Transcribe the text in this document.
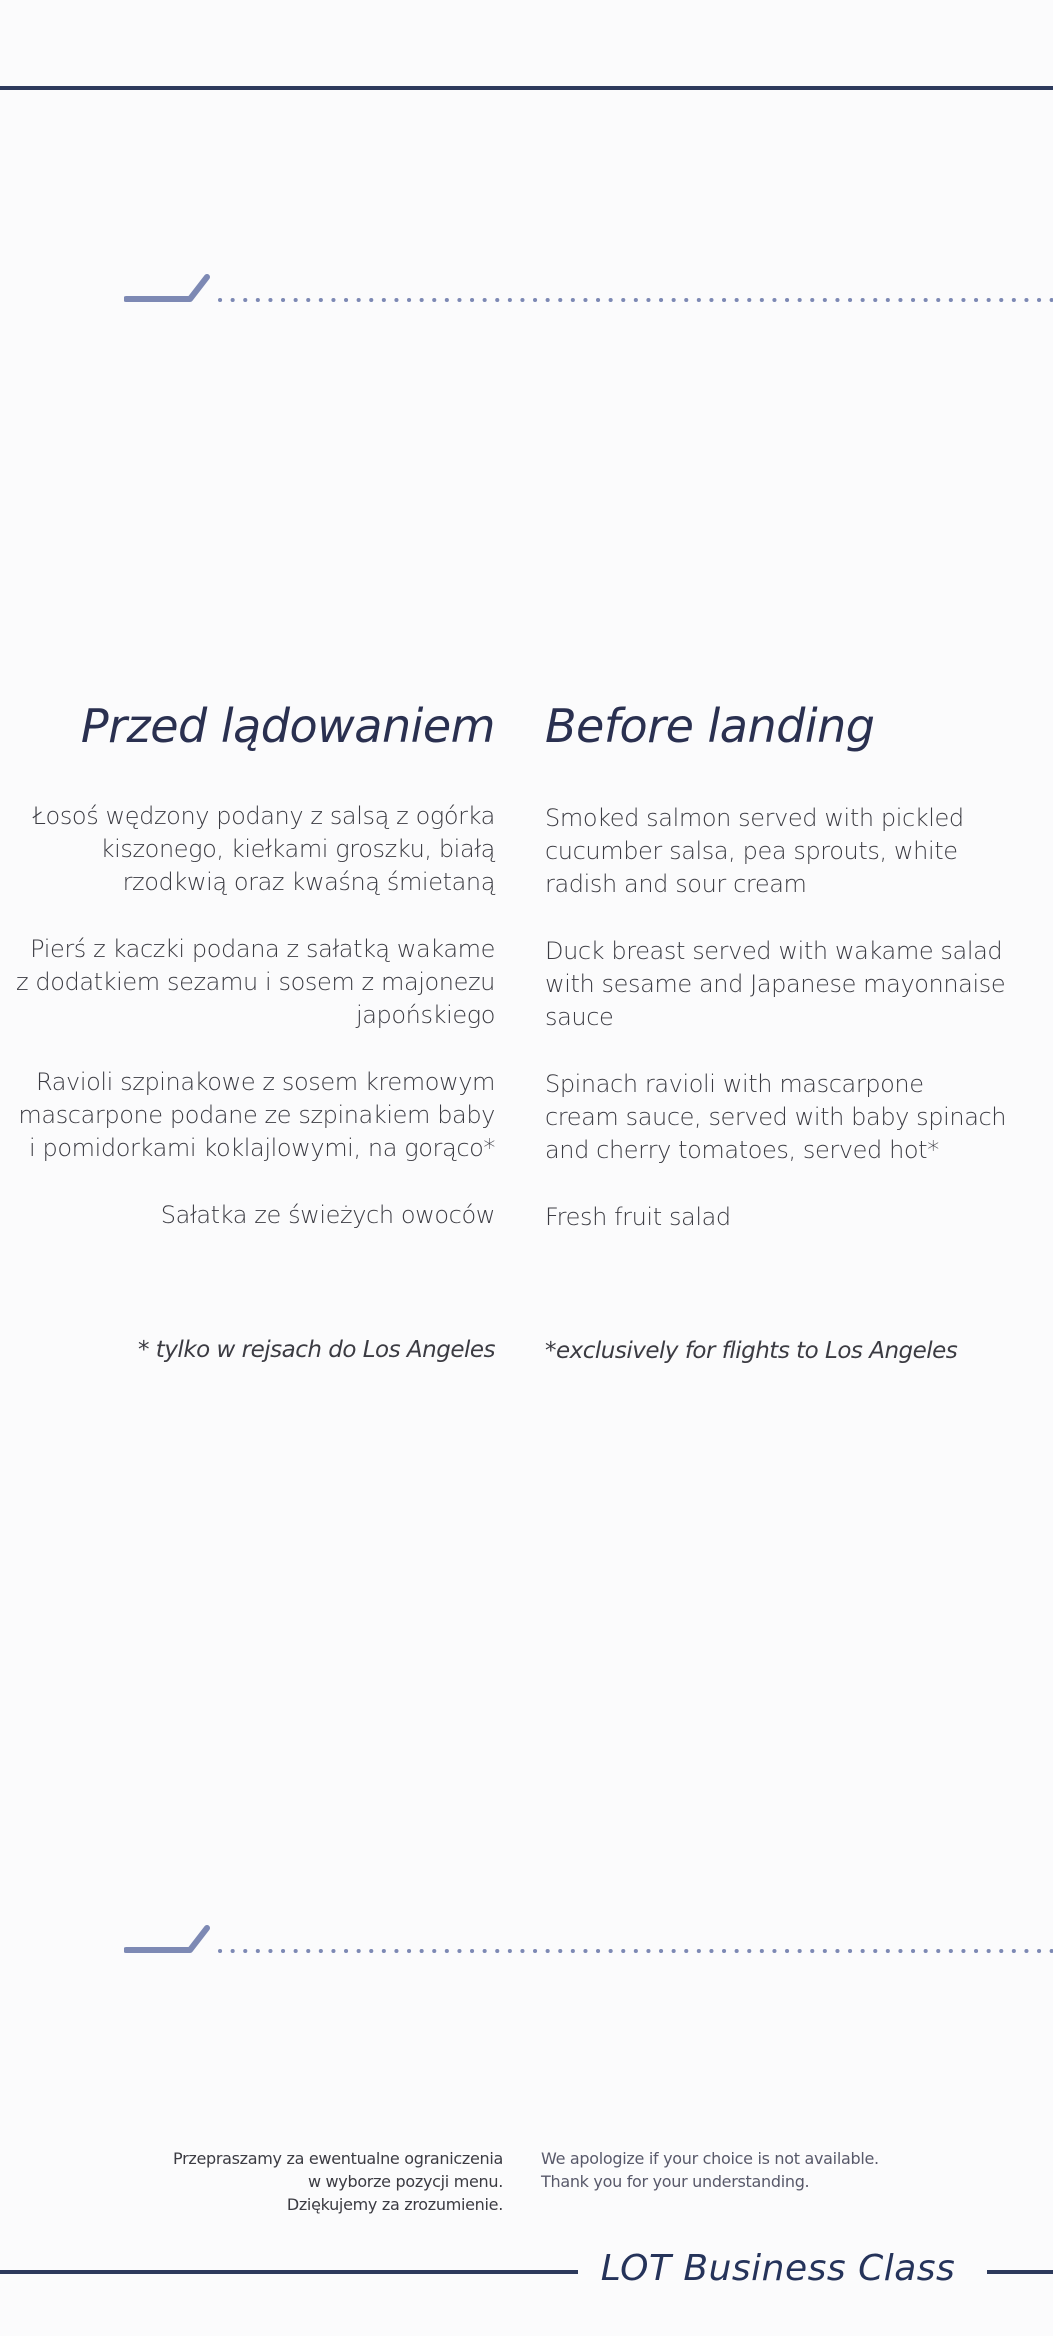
Przed lądowaniem Before landing
Łosoś wędzony podany z salsą z ogórka
kiszonego, kiełkami groszku, białą
rzodkwią oraz kwaśną śmietaną
Pierś z kaczki podana z sałatką wakame
z dodatkiem sezamu i sosem z majonezu
japońskiego
Ravioli szpinakowe z sosem kremowym
mascarpone podane ze szpinakiem baby
i pomidorkami koklajlowymi, na gorąco*
Sałatka ze świeżych owoców
Smoked salmon served with pickled
cucumber salsa, pea sprouts, white
radish and sour cream
Duck breast served with wakame salad
with sesame and Japanese mayonnaise
sauce
Spinach ravioli with mascarpone
cream sauce, served with baby spinach
and cherry tomatoes, served hot*
Fresh fruit salad
* tylko w rejsach do Los Angeles *exclusively for flights to Los Angeles
Przepraszamy za ewentualne ograniczenia
w wyborze pozycji menu.
Dziękujemy za zrozumienie.
We apologize if your choice is not available.
Thank you for your understanding.
LOT Business Class
